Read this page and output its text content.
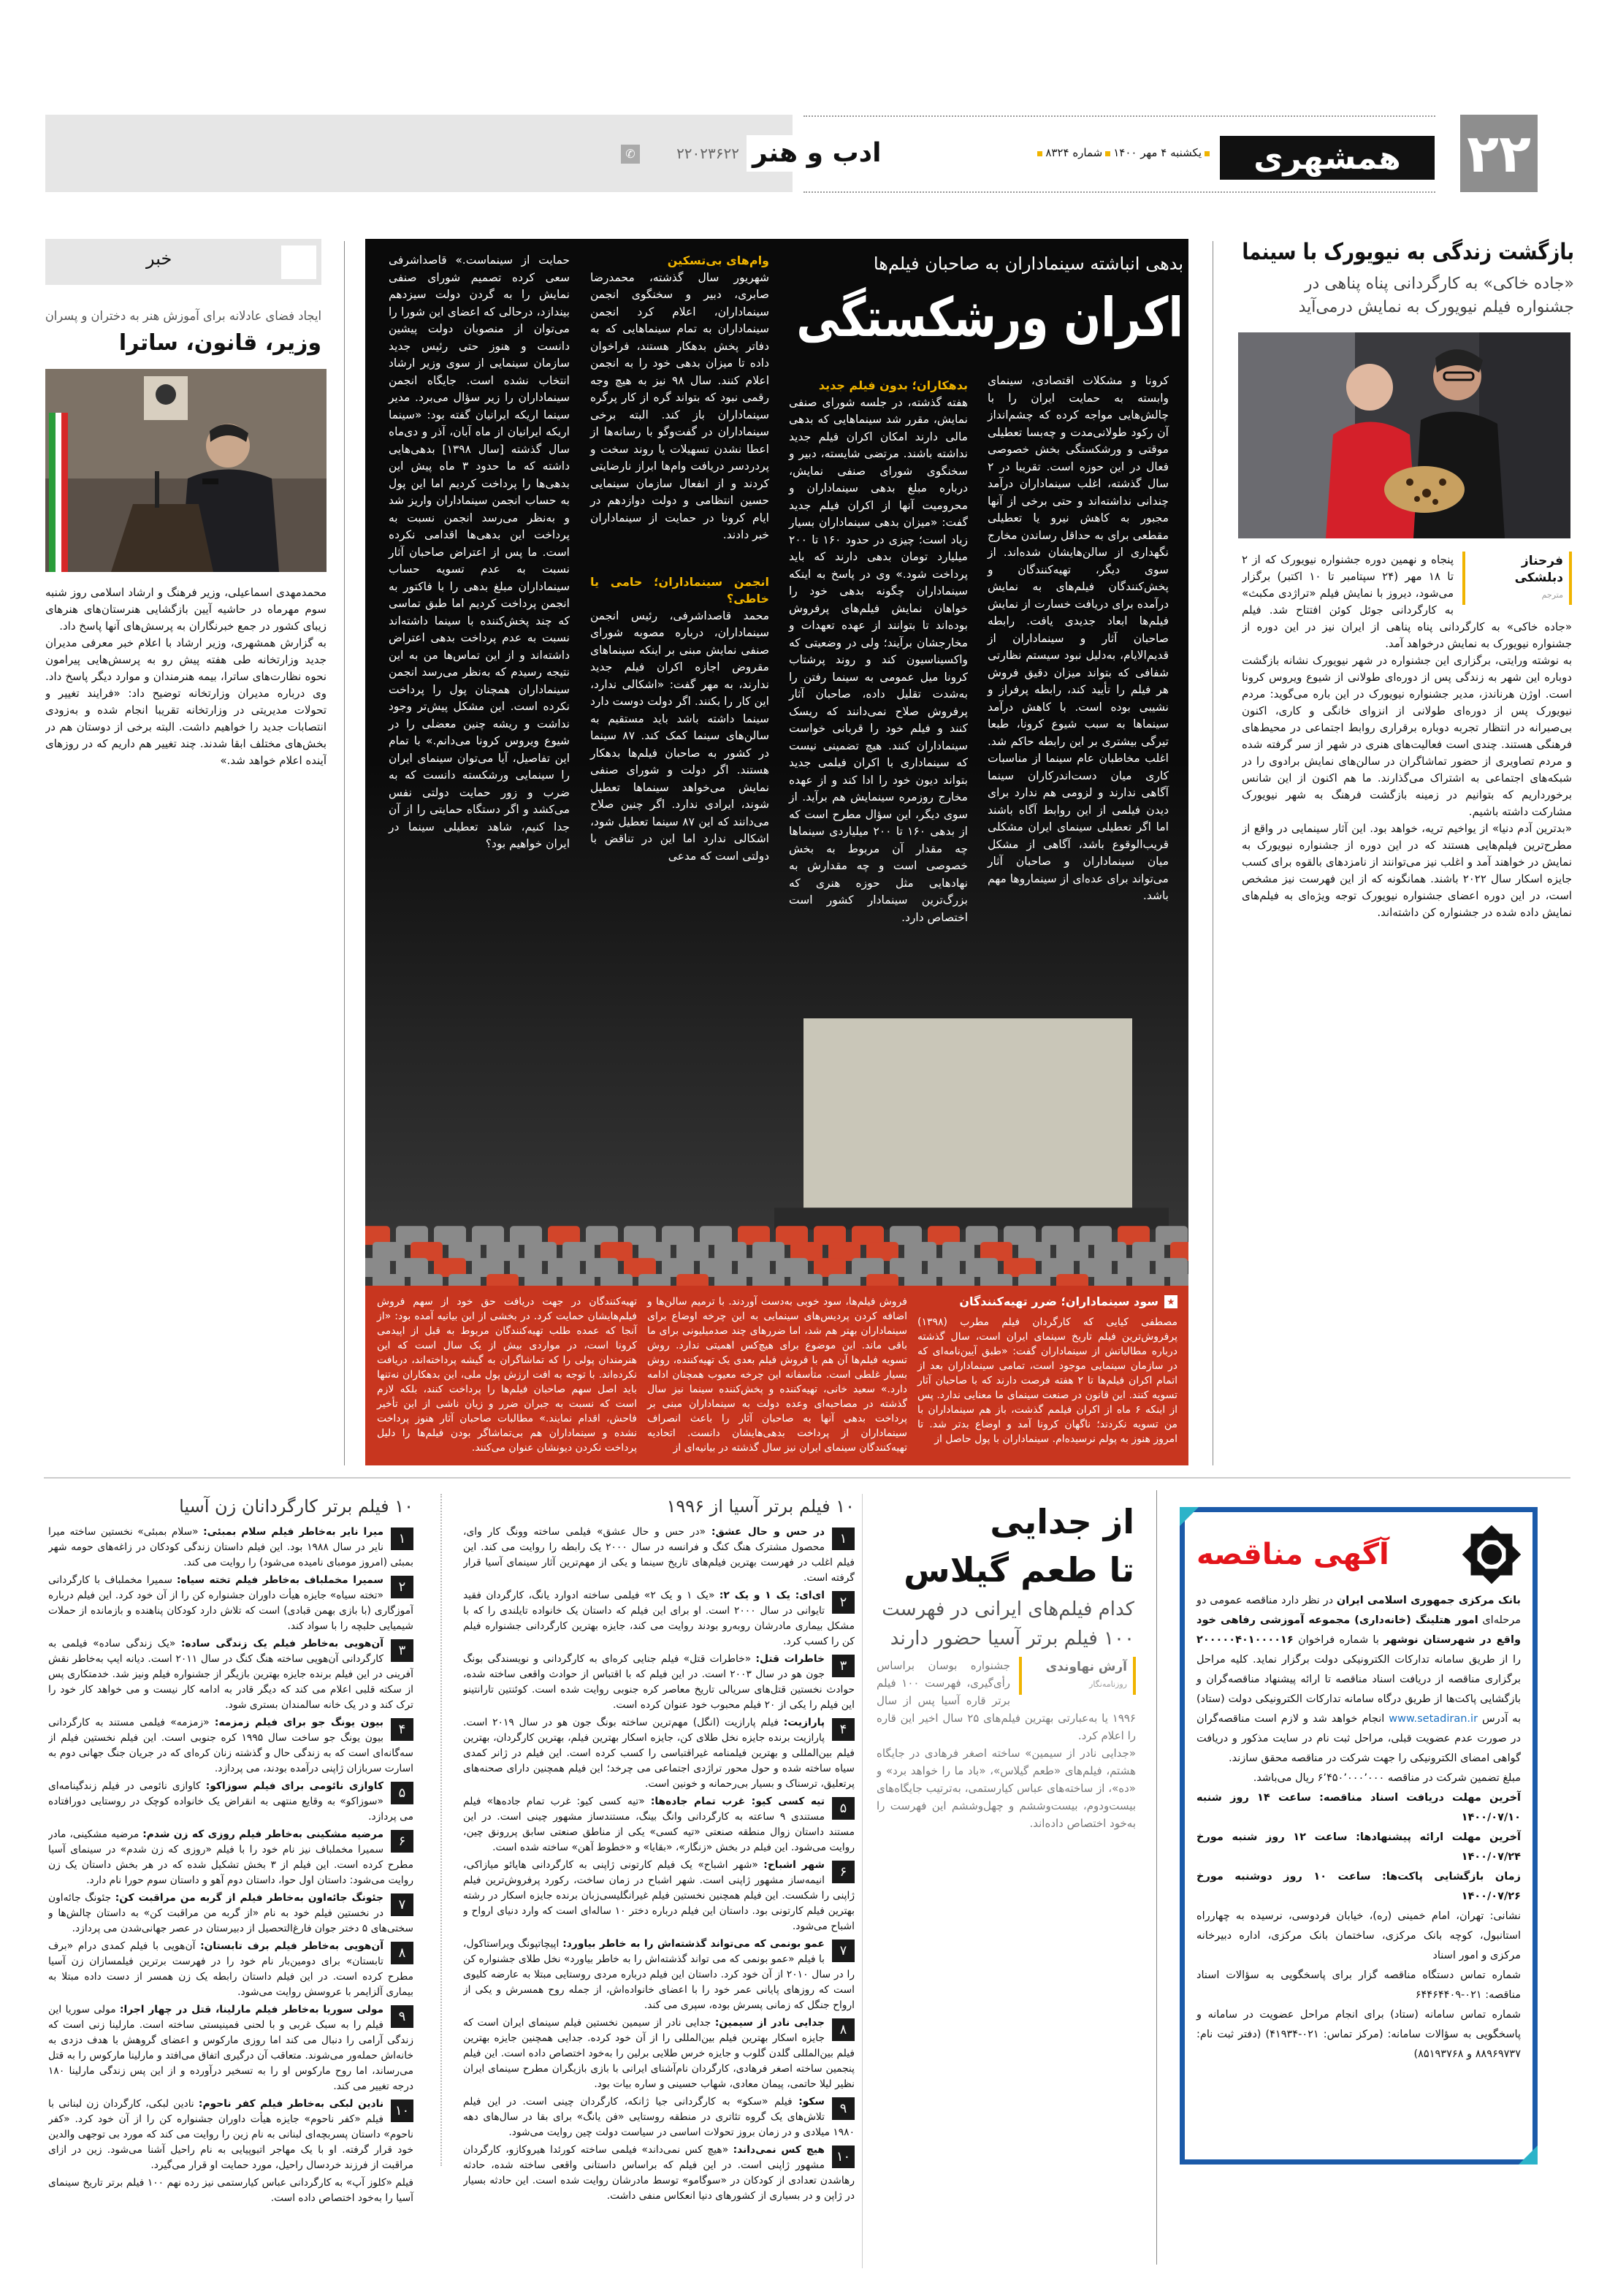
۲۲
همشهری
یکشنبه ۴ مهر ۱۴۰۰شماره ۸۳۲۴
ادب و هنر
۲۲۰۲۳۶۲۲
✆
بازگشت زندگی به نیویورک با سینما
«جاده خاکی» به کارگردانی پناه پناهی در جشنواره فیلم نیویورک به نمایش درمی‌آید
فرحناز دبلشکی
مترجم

پنجاه و نهمین دوره جشنواره نیویورک که از ۲ تا ۱۸ مهر (۲۴ سپتامبر تا ۱۰ اکتبر) برگزار می‌شود، دیروز با نمایش فیلم «تراژدی مکبث» به کارگردانی جوئل کوئن افتتاح شد. فیلم «جاده خاکی» به کارگردانی پناه پناهی از ایران نیز در این دوره از جشنواره نیویورک به نمایش درخواهد آمد.

به نوشته ورایتی، برگزاری این جشنواره در شهر نیویورک نشانه بازگشت دوباره این شهر به زندگی پس از دوره‌ای طولانی از شیوع ویروس کرونا است. اوژن هرناندز، مدیر جشنواره نیویورک در این باره می‌گوید: مردم نیویورک پس از دوره‌ای طولانی از انزوای خانگی و کاری، اکنون بی‌صبرانه در انتظار تجربه دوباره برقراری روابط اجتماعی در محیط‌های فرهنگی هستند. چندی است فعالیت‌های هنری در شهر از سر گرفته شده و مردم تصاویری از حضور تماشاگران در سالن‌های نمایش برادوی را در شبکه‌های اجتماعی به اشتراک می‌گذارند. ما هم اکنون از این شانس برخورداریم که بتوانیم در زمینه بازگشت فرهنگ به شهر نیویورک مشارکت داشته باشیم.

«بدترین آدم دنیا» از یواخیم تریه، خواهد بود. این آثار سینمایی در واقع از مطرح‌ترین فیلم‌هایی هستند که در این دوره از جشنواره نیویورک به نمایش در خواهند آمد و اغلب نیز می‌توانند از نامزدهای بالقوه برای کسب جایزه اسکار سال ۲۰۲۲ باشند. همانگونه که از این فهرست نیز مشخص است، در این دوره اعضای جشنواره نیویورک توجه ویژه‌ای به فیلم‌های نمایش داده شده در جشنواره کن داشته‌اند.

بدهی انباشته سینماداران به صاحبان فیلم‌ها
اکران ورشکستگی

کرونا و مشکلات اقتصادی، سینمای وابسته به حمایت ایران را با چالش‌هایی مواجه کرده که چشم‌انداز آن رکود طولانی‌مدت و چه‌بسا تعطیلی موقتی و ورشکستگی بخش خصوصی فعال در این حوزه است. تقریبا در ۲ سال گذشته، اغلب سینماداران درآمد چندانی نداشته‌اند و حتی برخی از آنها مجبور به کاهش نیرو یا تعطیلی مقطعی برای به حداقل رساندن مخارج نگهداری از سالن‌هایشان شده‌اند. از سوی دیگر، تهیه‌کنندگان و پخش‌کنندگان فیلم‌های به نمایش درآمده برای دریافت خسارت از نمایش فیلم‌ها ابعاد جدیدی یافت. رابطه صاحبان آثار و سینماداران از قدیم‌الایام، به‌دلیل نبود سیستم نظارتی شفافی که بتواند میزان دقیق فروش هر فیلم را تأیید کند، رابطه پرفراز و نشیبی بوده است. با کاهش درآمد سینماها به سبب شیوع کرونا، طبعا تیرگی بیشتری بر این رابطه حاکم شد. اغلب مخاطبان عام سینما از مناسبات کاری میان دست‌اندرکاران سینما آگاهی ندارند و لزومی هم ندارد برای دیدن فیلمی از این روابط آگاه باشند اما اگر تعطیلی سینمای ایران مشکلی قریب‌الوقوع باشد، آگاهی از مشکل میان سینماداران و صاحبان آثار می‌تواند برای عده‌ای از سینماروها مهم باشد.

بدهکاران؛ بدون فیلم جدید

هفته گذشته، در جلسه شورای صنفی نمایش، مقرر شد سینماهایی که بدهی مالی دارند امکان اکران فیلم جدید نداشته باشند. مرتضی شایسته، دبیر و سخنگوی شورای صنفی نمایش، درباره مبلغ بدهی سینماداران و محرومیت آنها از اکران فیلم جدید گفت: «میزان بدهی سینماداران بسیار زیاد است؛ چیزی در حدود ۱۶۰ تا ۲۰۰ میلیارد تومان بدهی دارند که باید پرداخت شود.» وی در پاسخ به اینکه سینماداران چگونه بدهی خود را خواهان نمایش فیلم‌های پرفروش بوده‌اند تا بتوانند از عهده تعهدات و مخارجشان برآیند؛ ولی در وضعیتی که واکسیناسیون کند و روند پرشتاب کرونا میل عمومی به سینما رفتن را به‌شدت تقلیل داده، صاحبان آثار پرفروش صلاح نمی‌دانند که ریسک کنند و فیلم خود را قربانی خواست سینماداران کنند. هیچ تضمینی نیست که سینماداری با اکران فیلمی جدید بتواند دیون خود را ادا کند و از عهده مخارج روزمره سینمایش هم برآید. از سوی دیگر، این سؤال مطرح است که از بدهی ۱۶۰ تا ۲۰۰ میلیاردی سینماها چه مقدار آن مربوط به بخش خصوصی است و چه مقدارش به نهادهایی مثل حوزه هنری که بزرگ‌ترین سینمادار کشور است اختصاص دارد.

وام‌های بی‌تسکین

شهریور سال گذشته، محمدرضا صابری، دبیر و سخنگوی انجمن سینماداران، اعلام کرد انجمن سینماداران به تمام سینماهایی که به دفاتر پخش بدهکار هستند، فراخوان داده تا میزان بدهی خود را به انجمن اعلام کنند. سال ۹۸ نیز به هیچ وجه رقمی نبود که بتواند گره از کار پرگره سینماداران باز کند. البته برخی سینماداران در گفت‌وگو با رسانه‌ها از اعطا نشدن تسهیلات یا روند سخت و پردردسر دریافت وام‌ها ابراز نارضایتی کردند و از انفعال سازمان سینمایی حسین انتظامی و دولت دوازدهم در ایام کرونا در حمایت از سینماداران خبر دادند.

انجمن سینماداران؛ حامی یا خاطی؟

محمد قاصداشرفی، رئیس انجمن سینماداران، درباره مصوبه شورای صنفی نمایش مبنی بر اینکه سینماهای مقروض اجازه اکران فیلم جدید ندارند، به مهر گفت: «اشکالی ندارد، این کار را بکنند. اگر دولت دوست دارد سینما داشته باشد باید مستقیم به سالن‌های سینما کمک کند. ۸۷ سینما در کشور به صاحبان فیلم‌ها بدهکار هستند. اگر دولت و شورای صنفی نمایش می‌خواهد سینماها تعطیل شوند، ایرادی ندارد. اگر چنین صلاح می‌دانند که این ۸۷ سینما تعطیل شود، اشکالی ندارد اما این در تناقض با دولتی است که مدعی

حمایت از سینماست.» قاصداشرفی سعی کرده تصمیم شورای صنفی نمایش را به گردن دولت سیزدهم بیندازد، درحالی که اعضای این شورا را می‌توان از منصوبان دولت پیشین دانست و هنوز حتی رئیس جدید سازمان سینمایی از سوی وزیر ارشاد انتخاب نشده است. جایگاه انجمن سینماداران را زیر سؤال می‌برد. مدیر سینما اریکه ایرانیان گفته بود: «سینما اریکه ایرانیان از ماه آبان، آذر و دی‌ماه سال گذشته [سال ۱۳۹۸] بدهی‌هایی داشته که ما حدود ۳ ماه پیش این بدهی‌ها را پرداخت کردیم اما این پول به حساب انجمن سینماداران واریز شد و به‌نظر می‌رسد انجمن نسبت به پرداخت این بدهی‌ها اقدامی نکرده است. ما پس از اعتراض صاحبان آثار نسبت به عدم تسویه حساب سینماداران مبلغ بدهی را با فاکتور به انجمن پرداخت کردیم اما طبق تماسی که چند پخش‌کننده با سینما داشته‌اند نسبت به عدم پرداخت بدهی اعتراض داشته‌اند و از این تماس‌ها من به این نتیجه رسیدم که به‌نظر می‌رسد انجمن سینماداران همچنان پول را پرداخت نکرده است. این مشکل پیش‌تر وجود نداشت و ریشه چنین معضلی را در شیوع ویروس کرونا می‌دانم.» با تمام این تفاصیل، آیا می‌توان سینمای ایران را سینمایی ورشکسته دانست که به ضرب و زور حمایت دولتی نفس می‌کشد و اگر دستگاه حمایتی را از آن جدا کنیم، شاهد تعطیلی سینما در ایران خواهیم بود؟

★
سود سینماداران؛ ضرر تهیه‌کنندگان

مصطفی کیایی که کارگردان فیلم مطرب (۱۳۹۸) پرفروش‌ترین فیلم تاریخ سینمای ایران است، سال گذشته درباره مطالباتش از سینماداران گفت: «طبق آیین‌نامه‌ای که در سازمان سینمایی موجود است، تمامی سینماداران بعد از اتمام اکران فیلم‌ها تا ۲ هفته فرصت دارند که با صاحبان آثار تسویه کنند. این قانون در صنعت سینمای ما معنایی ندارد. پس از اینکه ۶ ماه از اکران فیلمم گذشت، باز هم سینماداران با من تسویه نکردند؛ ناگهان کرونا آمد و اوضاع بدتر شد. تا امروز هنوز به پولم نرسیده‌ام. سینماداران با پول حاصل از

فروش فیلم‌ها، سود خوبی به‌دست آوردند. با ترمیم سالن‌ها و اضافه کردن پردیس‌های سینمایی به این چرخه اوضاع برای سینماداران بهتر هم شد، اما ضررهای چند صدمیلیونی برای ما باقی ماند. این موضوع برای هیچ‌کس اهمیتی ندارد. روش تسویه فیلم‌ها آن هم با فروش فیلم بعدی یک تهیه‌کننده، روش بسیار غلطی است. متأسفانه این چرخه معیوب همچنان ادامه دارد.» سعید خانی، تهیه‌کننده و پخش‌کننده سینما نیز سال گذشته در مصاحبه‌ای وعده دولت به سینماداران مبنی بر پرداخت بدهی آنها به صاحبان آثار را باعث انصراف سینماداران از پرداخت بدهی‌هایشان دانست. اتحادیه تهیه‌کنندگان سینمای ایران نیز سال گذشته در بیانیه‌ای از

تهیه‌کنندگان در جهت دریافت حق خود از سهم فروش فیلم‌هایشان حمایت کرد. در بخشی از این بیانیه آمده بود: «از آنجا که عمده طلب تهیه‌کنندگان مربوط به قبل از اپیدمی کرونا است، در مواردی بیش از یک سال است که این هنرمندان پولی را که تماشاگران به گیشه پرداخته‌اند، دریافت نکرده‌اند. با توجه به افت ارزش پول ملی، این بدهکاران نه‌تنها باید اصل سهم صاحبان فیلم‌ها را پرداخت کنند، بلکه لازم است که نسبت به جبران ضرر و زیان ناشی از این تأخیر فاحش، اقدام نمایند.» مطالبات صاحبان آثار هنوز پرداخت نشده و سینماداران هم بی‌تماشاگر بودن فیلم‌ها را دلیل پرداخت نکردن دیونشان عنوان می‌کنند.

خبر
ایجاد فضای عادلانه برای آموزش هنر به دختران و پسران
وزیر، قانون، ساترا

محمدمهدی اسماعیلی، وزیر فرهنگ و ارشاد اسلامی روز شنبه سوم مهرماه در حاشیه آیین بازگشایی هنرستان‌های هنرهای زیبای کشور در جمع خبرنگاران به پرسش‌های آنها پاسخ داد.

به گزارش همشهری، وزیر ارشاد با اعلام خبر معرفی مدیران جدید وزارتخانه طی هفته پیش رو به پرسش‌هایی پیرامون نحوه نظارت‌های ساترا، بیمه هنرمندان و موارد دیگر پاسخ داد. وی درباره مدیران وزارتخانه توضیح داد: «فرایند تغییر و تحولات مدیریتی در وزارتخانه تقریبا انجام شده و به‌زودی انتصابات جدید را خواهیم داشت. البته برخی از دوستان هم در بخش‌های مختلف ابقا شدند. چند تغییر هم داریم که در روزهای آینده اعلام خواهد شد.»

آگهی مناقصه

بانک مرکزی جمهوری اسلامی ایران در نظر دارد مناقصه عمومی دو مرحله‌ای امور هتلینگ (خانه‌داری) مجموعه آموزشی رفاهی خود واقع در شهرستان نوشهر با شماره فراخوان ۲۰۰۰۰۰۴۰۱۰۰۰۰۱۶ را از طریق سامانه تدارکات الکترونیکی دولت برگزار نماید. کلیه مراحل برگزاری مناقصه از دریافت اسناد مناقصه تا ارائه پیشنهاد مناقصه‌گران و بازگشایی پاکت‌ها از طریق درگاه سامانه تدارکات الکترونیکی دولت (ستاد) به آدرس www.setadiran.ir انجام خواهد شد و لازم است مناقصه‌گران در صورت عدم عضویت قبلی، مراحل ثبت نام در سایت مذکور و دریافت گواهی امضای الکترونیکی را جهت شرکت در مناقصه محقق سازند.

مبلغ تضمین شرکت در مناقصه ۶٬۴۵۰٬۰۰۰٬۰۰۰ ریال می‌باشد.

آخرین مهلت دریافت اسناد مناقصه: ساعت ۱۴ روز شنبه ۱۴۰۰/۰۷/۱۰

آخرین مهلت ارائه پیشنهادها: ساعت ۱۲ روز شنبه مورخ ۱۴۰۰/۰۷/۲۴

زمان بازگشایی پاکت‌ها: ساعت ۱۰ روز دوشنبه مورخ ۱۴۰۰/۰۷/۲۶

نشانی: تهران، امام خمینی (ره)، خیابان فردوسی، نرسیده به چهارراه استانبول، کوچه بانک مرکزی، ساختمان بانک مرکزی، اداره دبیرخانه مرکزی و امور اسناد

شماره تماس دستگاه مناقصه گزار برای پاسخگویی به سؤالات اسناد مناقصه: ۰۲۱-۶۴۴۶۴۴۰۹

شماره تماس سامانه (ستاد) برای انجام مراحل عضویت در سامانه و پاسخگویی به سؤالات سامانه: (مرکز تماس: ۰۲۱-۴۱۹۳۴) (دفتر ثبت نام: ۸۸۹۶۹۷۳۷ و ۸۵۱۹۳۷۶۸)

از جدایی
تا طعم گیلاس
کدام فیلم‌های ایرانی در فهرست ۱۰۰ فیلم برتر آسیا حضور دارند
آرش نهاوندی
روزنامه‌نگار

جشنواره بوسان براساس رأی‌گیری، فهرست ۱۰۰ فیلم برتر قاره آسیا پس از سال ۱۹۹۶ یا به‌عبارتی بهترین فیلم‌های ۲۵ سال اخیر این قاره را اعلام کرد.

«جدایی نادر از سیمین» ساخته اصغر فرهادی در جایگاه هشتم، فیلم‌های «طعم گیلاس»، «باد ما را خواهد برد» و «ده»، از ساخته‌های عباس کیارستمی، به‌ترتیب جایگاه‌های بیست‌ودوم، بیست‌وششم و چهل‌وششم این فهرست را به‌خود اختصاص داده‌اند.

۱۰ فیلم برتر آسیا از ۱۹۹۶
۱
در حس و حال عشق: «در حس و حال عشق» فیلمی ساخته وونگ کار وای، محصول مشترک هنگ کنگ و فرانسه در سال ۲۰۰۰ یک رابطه را روایت می کند. این فیلم اغلب در فهرست بهترین فیلم‌های تاریخ سینما و یکی از مهم‌ترین آثار سینمای آسیا قرار گرفته است.
۲
ای‌ای: یک ۱ و یک ۲: «یک ۱ و یک ۲» فیلمی ساخته ادوارد یانگ، کارگردان فقید تایوانی در سال ۲۰۰۰ است. او برای این فیلم که داستان یک خانواده تایلندی را که با مشکل بیماری مادرشان روبه‌رو بودند روایت می کند، جایزه بهترین کارگردانی جشنواره فیلم کن را کسب کرد.
۳
خاطرات قتل: «خاطرات قتل» فیلم جنایی کره‌ای به کارگردانی و نویسندگی بونگ جون هو در سال ۲۰۰۳ است. در این فیلم که با اقتباس از حوادث واقعی ساخته شده، حوادث نخستین قتل‌های سریالی تاریخ معاصر کره جنوبی روایت شده است. کوئنتین تارانتینو این فیلم را یکی از ۲۰ فیلم محبوب خود عنوان کرده است.
۴
پارازیت: فیلم پارازیت (انگل) مهم‌ترین ساخته بونگ جون هو در سال ۲۰۱۹ است. پارازیت برنده جایزه نخل طلای کن، جایزه اسکار بهترین فیلم، بهترین کارگردان، بهترین فیلم بین‌المللی و بهترین فیلمنامه غیراقتباسی را کسب کرده است. این فیلم در ژانر کمدی سیاه ساخته شده و حول محور تراژدی اجتماعی می چرخد؛ این فیلم همچنین دارای صحنه‌های پرتعلیق، ترسناک و بسیار بی‌رحمانه و خونین است.
۵
تیه کسی کیو: غرب تمام جاده‌ها: «تیه کسی کیو: غرب تمام جاده‌ها» فیلم مستندی ۹ ساعته به کارگردانی وانگ بینگ، مستندساز مشهور چینی است. در این مستند داستان زوال منطقه صنعتی «تیه کسی» یکی از مناطق صنعتی سابق‌ پررونق چین، روایت می‌شود. این فیلم در بخش «زنگار»، «بقایا» و «خطوط آهن» ساخته شده است.
۶
شهر اشباح: «شهر اشباح» یک فیلم کارتونی ژاپنی به کارگردانی هایائو میازاکی، انیمه‌ساز مشهور ژاپنی است. شهر اشباح در زمان ساخت، رکورد پرفروش‌ترین فیلم ژاپنی را شکست. این فیلم همچنین نخستین فیلم غیرانگلیسی‌زبان برنده جایزه اسکار در رشته بهترین فیلم کارتونی بود. داستان این فیلم درباره دختر ۱۰ ساله‌ای است که وارد دنیای ارواح و اشباح می‌شود.
۷
عمو بونمی که می‌تواند گذشته‌اش را به خاطر بیاورد: اپیچاتپونگ ویراستاکول، با فیلم «عمو بونمی که می تواند گذشته‌اش را به خاطر بیاورد» نخل طلای جشنواره کن را در سال ۲۰۱۰ از آن خود کرد. داستان این فیلم درباره مردی روستایی مبتلا به عارضه کلیوی است که روزهای پایانی عمر خود را با اعضای خانواده‌اش، از جمله روح همسرش و یکی از ارواح جنگل که زمانی پسرش بوده، سپری می کند.
۸
جدایی نادر از سیمین: جدایی نادر از سیمین نخستین فیلم سینمای ایران است که جایزه اسکار بهترین فیلم بین‌المللی را از آن خود کرده. جدایی همچنین جایزه بهترین فیلم بین‌المللی گلدن گلوب و جایزه خرس طلایی برلین را به‌خود اختصاص داده است. این فیلم پنجمین ساخته اصغر فرهادی، کارگردان نام‌آشنای ایرانی با بازی بازیگران مطرح سینمای ایران نظیر لیلا حاتمی، پیمان معادی، شهاب حسینی و ساره بیات بود.
۹
سکو: فیلم «سکو» به کارگردانی جیا ژانکه، کارگردان چینی است. در این فیلم تلاش‌های یک گروه تئاتری در منطقه روستایی «فن یانگ» برای بقا در سال‌های دهه ۱۹۸۰ میلادی و در زمان بروز تحولات اساسی در سیاست دولت چین روایت می‌شود.
۱۰
هیچ کس نمی‌داند: «هیچ کس نمی‌داند» فیلمی ساخته کورئدا هیروکازو، کارگردان مشهور ژاپنی است. در این فیلم که براساس داستانی واقعی ساخته شده، حادثه رهاشدن تعدادی از کودکان در «سوگامو» توسط مادرشان روایت شده است. این حادثه بسیار در ژاپن و در بسیاری از کشورهای دنیا انعکاس منفی داشت.
۱۰ فیلم برتر کارگردانان زن آسیا
۱
میرا نایر به‌خاطر فیلم سلام بمبئی: «سلام بمبئی» نخستین ساخته میرا نایر در سال ۱۹۸۸ بود. این فیلم داستان زندگی کودکان در زاغه‌های حومه شهر بمبئی (امروز مومبای نامیده می‌شود) را روایت می کند.
۲
سمیرا مخملباف به‌خاطر فیلم تخته سیاه: سمیرا مخملباف با کارگردانی «تخته سیاه» جایزه هیأت داوران جشنواره کن را از آن خود کرد. این فیلم درباره آموزگاری (با بازی بهمن قبادی) است که تلاش دارد کودکان پناهنده و بازمانده از حملات شیمیایی حلبچه را با سواد کند.
۳
آن‌هویی به‌خاطر فیلم یک زندگی ساده: «یک زندگی ساده» فیلمی به کارگردانی آن‌هویی ساخته هنگ کنگ در سال ۲۰۱۱ است. دیانه ایپ به‌خاطر نقش آفرینی در این فیلم برنده جایزه بهترین بازیگر از جشنواره فیلم ونیز شد. خدمتکاری پس از سکته قلبی اعلام می کند که دیگر قادر به ادامه کار نیست و می خواهد کار خود را ترک کند و در یک خانه سالمندان بستری شود.
۴
بیون یونگ جو برای فیلم زمزمه: «زمزمه» فیلمی مستند به کارگردانی بیون یونگ جو ساخت سال ۱۹۹۵ کره جنوبی است. این فیلم نخستین فیلم از سه‌گانه‌ای است که به زندگی حال و گذشته زنان کره‌ای که در جریان جنگ جهانی دوم به اسارت سربازان ژاپنی درآمده بودند، می پردازد.
۵
کاوازی نائومی برای فیلم سوزاکو: کاوازی نائومی در فیلم زندگینامه‌ای «سوزاکو» به وقایع منتهی به انقراض یک خانواده کوچک در روستایی دورافتاده می پردازد.
۶
مرضیه مشکینی به‌خاطر فیلم روزی که زن شدم: مرضیه مشکینی، مادر سمیرا مخملباف نیز نام خود را با فیلم «روزی که زن شدم» در سینمای آسیا مطرح کرده است. این فیلم از ۳ بخش تشکیل شده که در هر بخش داستان یک زن روایت می‌شود: داستان اول حوا، داستان دوم آهو و داستان سوم حورا نام دارد.
۷
جئونگ جائه‌اون به‌خاطر فیلم از گربه من مراقبت کن: جئونگ جائه‌اون در نخستین فیلم خود به نام «از گربه من مراقبت کن» به داستان چالش‌ها و سختی‌های ۵ دختر جوان فارغ‌التحصیل از دبیرستان در عصر جهانی‌شدن می پردازد.
۸
آن‌هویی به‌خاطر فیلم برف تابستان: آن‌هویی با فیلم کمدی درام «برف تابستان» برای دومین‌بار نام خود را در فهرست برترین فیلمسازان زن آسیا مطرح کرده است. در این فیلم داستان رابطه یک زن همسر از دست داده مبتلا به بیماری آلزایمر با عروسش روایت می‌شود.
۹
مولی سوریا به‌خاطر فیلم مارلینا، قتل در چهار اجرا: مولی سوریا این فیلم را به سبک غربی و با لحنی فمینیستی ساخته است. مارلینا زنی است که زندگی آرامی را دنبال می کند اما روزی مارکوس و اعضای گروهش با هدف دزدی به خانه‌اش حمله‌ور می‌شوند. متعاقب آن درگیری اتفاق می‌افتد و مارلینا مارکوس را به قتل می‌رساند، اما روح مارکوس او را به تسخیر درآورده و از این پس زندگی مارلینا ۱۸۰ درجه تغییر می کند.
۱۰
نادین لبکی به‌خاطر فیلم کفر ناحوم: نادین لبکی، کارگردان زن لبنانی با فیلم «کفر ناحوم» جایزه هیأت داوران جشنواره کن را از آن خود کرد. «کفر ناحوم» داستان پسربچه‌ای لبنانی به نام زین را روایت می کند که مورد بی توجهی والدین خود قرار گرفته. او با یک مهاجر اتیوپیایی به نام راحیل آشنا می‌شود. زین در ازای مراقبت از فرزند خردسال راحیل، مورد حمایت او قرار می‌گیرد.

فیلم «کلوز آپ» به کارگردانی عباس کیارستمی نیز رده نهم ۱۰۰ فیلم برتر تاریخ سینمای آسیا را به‌خود اختصاص داده است.
